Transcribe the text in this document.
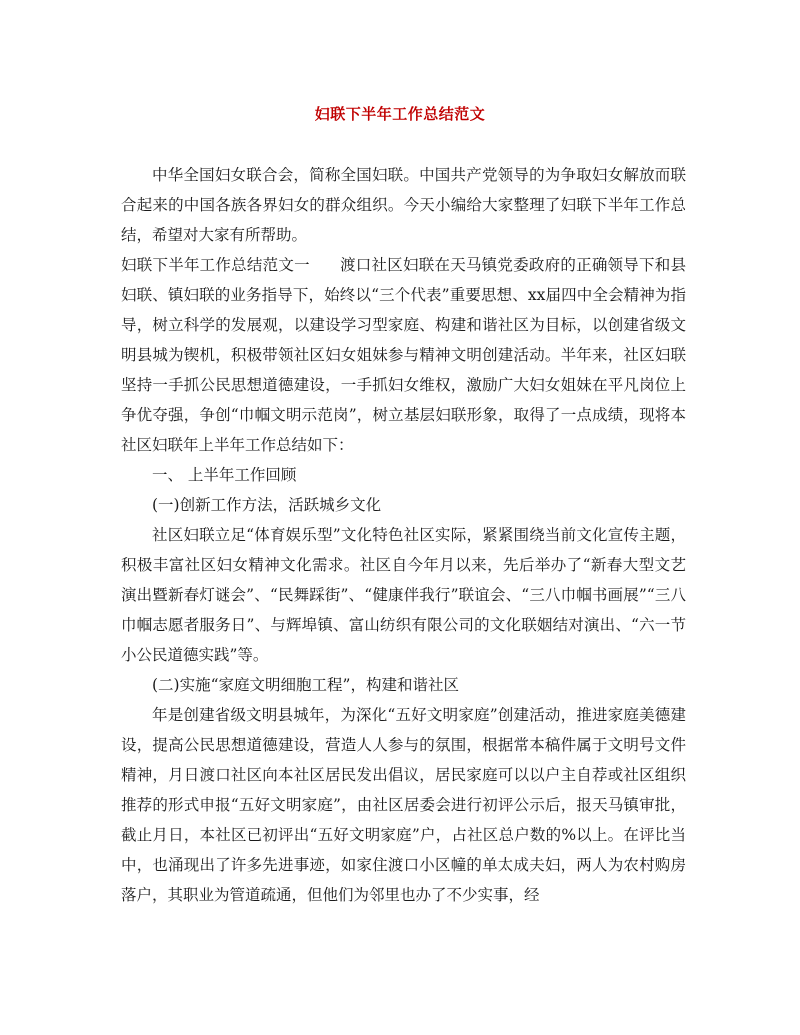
妇联下半年工作总结范文

中华全国妇女联合会，简称全国妇联。中国共产党领导的为争取妇女解放而联合起来的中国各族各界妇女的群众组织。今天小编给大家整理了妇联下半年工作总结，希望对大家有所帮助。

妇联下半年工作总结范文一 渡口社区妇联在天马镇党委政府的正确领导下和县妇联、镇妇联的业务指导下，始终以“三个代表”重要思想、xx届四中全会精神为指导，树立科学的发展观，以建设学习型家庭、构建和谐社区为目标，以创建省级文明县城为锲机，积极带领社区妇女姐妹参与精神文明创建活动。半年来，社区妇联坚持一手抓公民思想道德建设，一手抓妇女维权，激励广大妇女姐妹在平凡岗位上争优夺强，争创“巾帼文明示范岗”，树立基层妇联形象，取得了一点成绩，现将本社区妇联年上半年工作总结如下：

一、 上半年工作回顾

(一)创新工作方法，活跃城乡文化

社区妇联立足“体育娱乐型”文化特色社区实际，紧紧围绕当前文化宣传主题，积极丰富社区妇女精神文化需求。社区自今年月以来，先后举办了“新春大型文艺演出暨新春灯谜会”、“民舞踩街”、“健康伴我行”联谊会、“三八巾帼书画展”“三八巾帼志愿者服务日”、与辉埠镇、富山纺织有限公司的文化联姻结对演出、“六一节小公民道德实践”等。

(二)实施“家庭文明细胞工程”，构建和谐社区

年是创建省级文明县城年，为深化“五好文明家庭”创建活动，推进家庭美德建设，提高公民思想道德建设，营造人人参与的氛围，根据常本稿件属于文明号文件精神，月日渡口社区向本社区居民发出倡议，居民家庭可以以户主自荐或社区组织推荐的形式申报“五好文明家庭”，由社区居委会进行初评公示后，报天马镇审批，截止月日，本社区已初评出“五好文明家庭”户，占社区总户数的%以上。在评比当中，也涌现出了许多先进事迹，如家住渡口小区幢的单太成夫妇，两人为农村购房落户，其职业为管道疏通，但他们为邻里也办了不少实事，经
